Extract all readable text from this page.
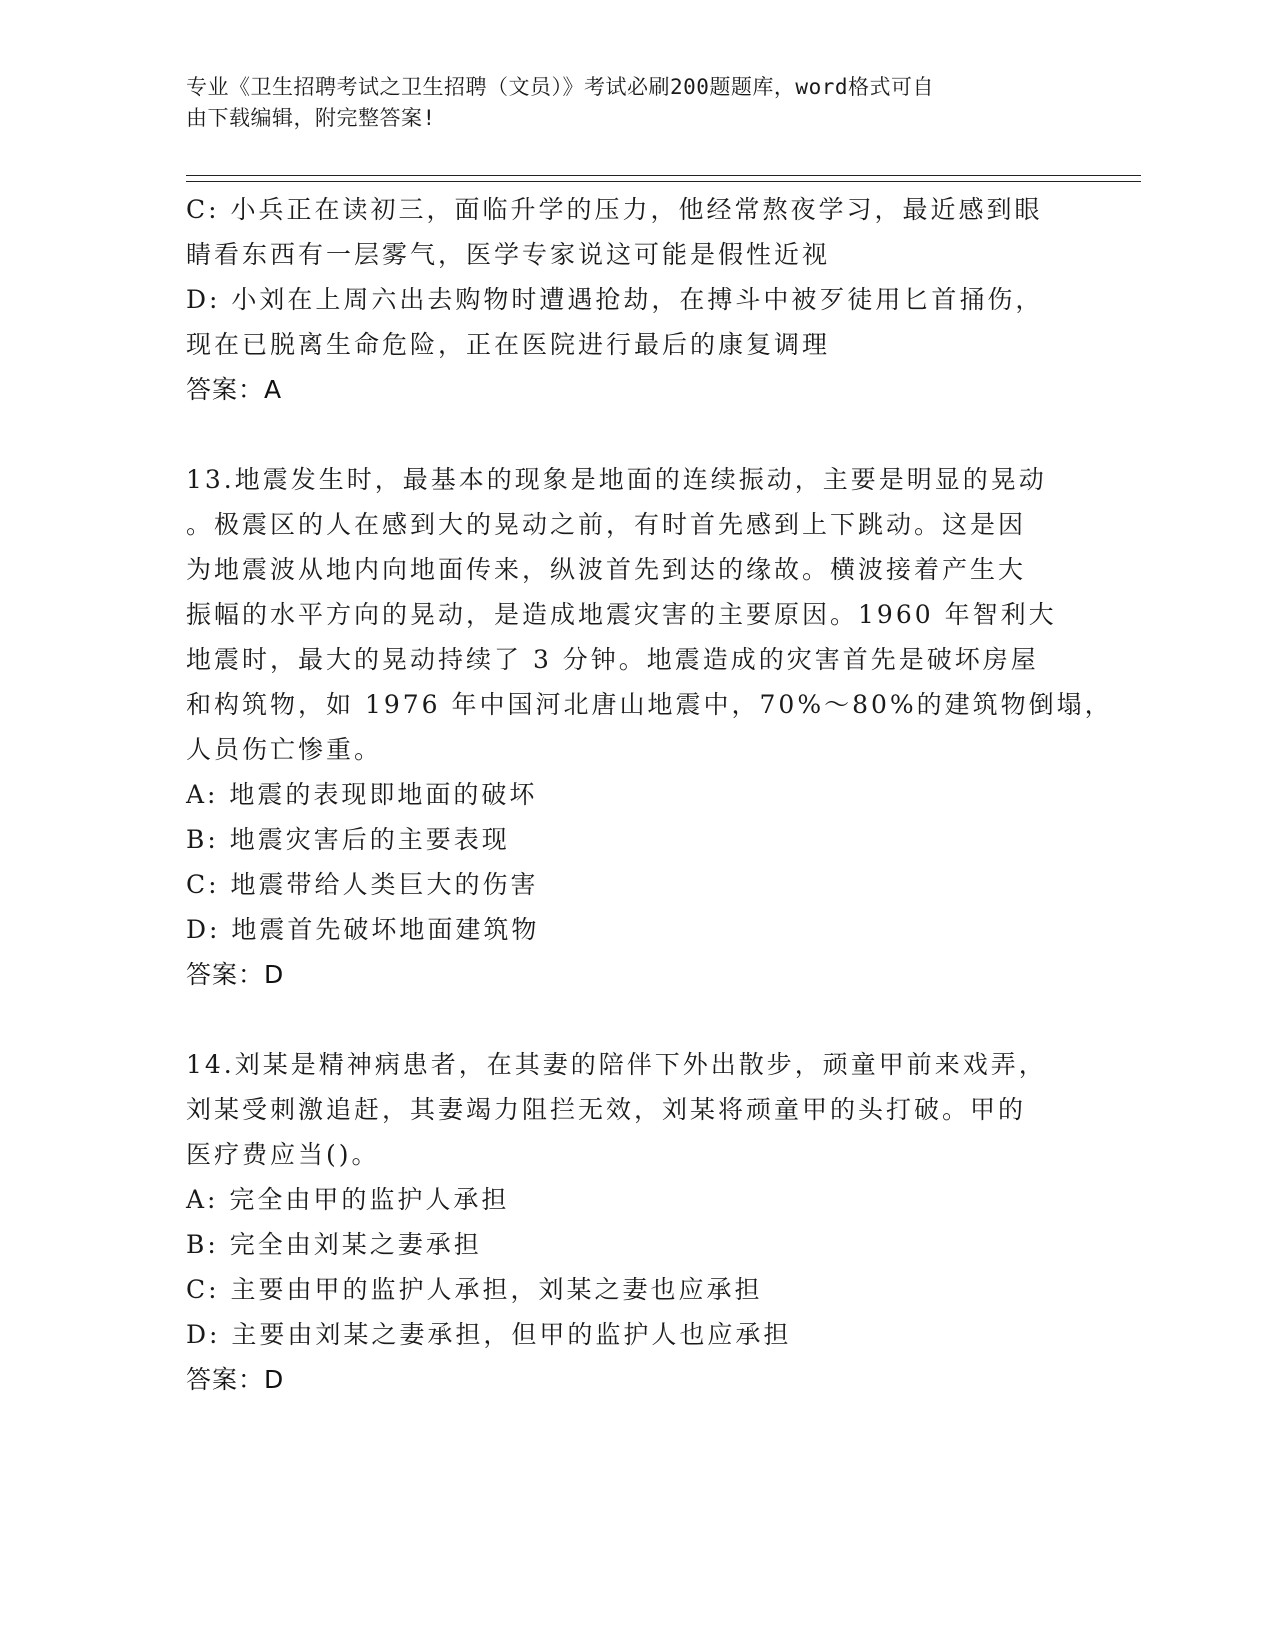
专业《卫生招聘考试之卫生招聘（文员）》考试必刷200题题库，word格式可自
由下载编辑，附完整答案!
C: 小兵正在读初三，面临升学的压力，他经常熬夜学习，最近感到眼
睛看东西有一层雾气，医学专家说这可能是假性近视
D: 小刘在上周六出去购物时遭遇抢劫，在搏斗中被歹徒用匕首捅伤，
现在已脱离生命危险，正在医院进行最后的康复调理
答案：A
13.地震发生时，最基本的现象是地面的连续振动，主要是明显的晃动
。极震区的人在感到大的晃动之前，有时首先感到上下跳动。这是因
为地震波从地内向地面传来，纵波首先到达的缘故。横波接着产生大
振幅的水平方向的晃动，是造成地震灾害的主要原因。1960 年智利大
地震时，最大的晃动持续了 3 分钟。地震造成的灾害首先是破坏房屋
和构筑物，如 1976 年中国河北唐山地震中，70%～80%的建筑物倒塌，
人员伤亡惨重。
A: 地震的表现即地面的破坏
B: 地震灾害后的主要表现
C: 地震带给人类巨大的伤害
D: 地震首先破坏地面建筑物
答案：D
14.刘某是精神病患者，在其妻的陪伴下外出散步，顽童甲前来戏弄，
刘某受刺激追赶，其妻竭力阻拦无效，刘某将顽童甲的头打破。甲的
医疗费应当()。
A: 完全由甲的监护人承担
B: 完全由刘某之妻承担
C: 主要由甲的监护人承担，刘某之妻也应承担
D: 主要由刘某之妻承担，但甲的监护人也应承担
答案：D
